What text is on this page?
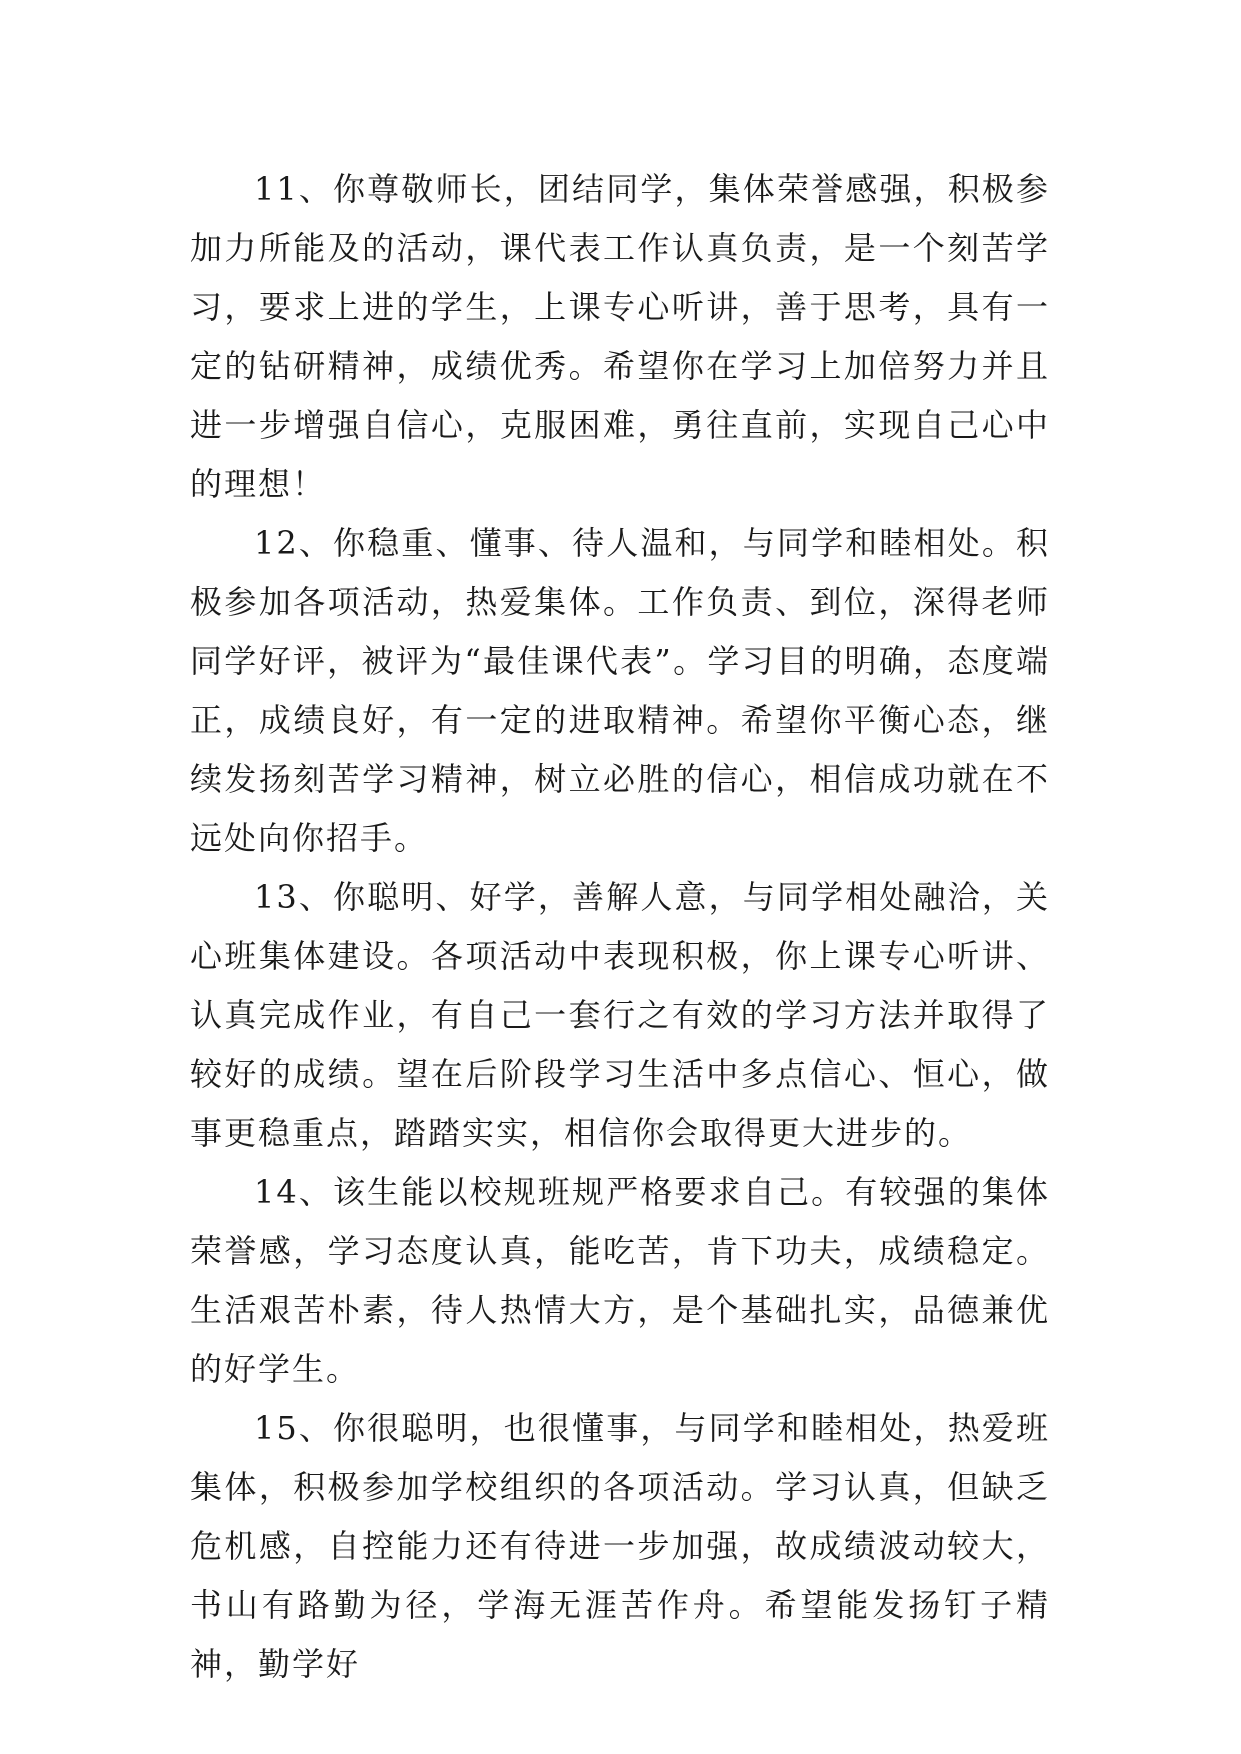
11、你尊敬师长，团结同学，集体荣誉感强，积极参加力所能及的活动，课代表工作认真负责，是一个刻苦学习，要求上进的学生，上课专心听讲，善于思考，具有一定的钻研精神，成绩优秀。希望你在学习上加倍努力并且进一步增强自信心，克服困难，勇往直前，实现自己心中的理想！

12、你稳重、懂事、待人温和，与同学和睦相处。积极参加各项活动，热爱集体。工作负责、到位，深得老师同学好评，被评为“最佳课代表”。学习目的明确，态度端正，成绩良好，有一定的进取精神。希望你平衡心态，继续发扬刻苦学习精神，树立必胜的信心，相信成功就在不远处向你招手。

13、你聪明、好学，善解人意，与同学相处融洽，关心班集体建设。各项活动中表现积极，你上课专心听讲、认真完成作业，有自己一套行之有效的学习方法并取得了较好的成绩。望在后阶段学习生活中多点信心、恒心，做事更稳重点，踏踏实实，相信你会取得更大进步的。

14、该生能以校规班规严格要求自己。有较强的集体荣誉感，学习态度认真，能吃苦，肯下功夫，成绩稳定。生活艰苦朴素，待人热情大方，是个基础扎实，品德兼优的好学生。

15、你很聪明，也很懂事，与同学和睦相处，热爱班集体，积极参加学校组织的各项活动。学习认真，但缺乏危机感，自控能力还有待进一步加强，故成绩波动较大，书山有路勤为径，学海无涯苦作舟。希望能发扬钉子精神，勤学好
